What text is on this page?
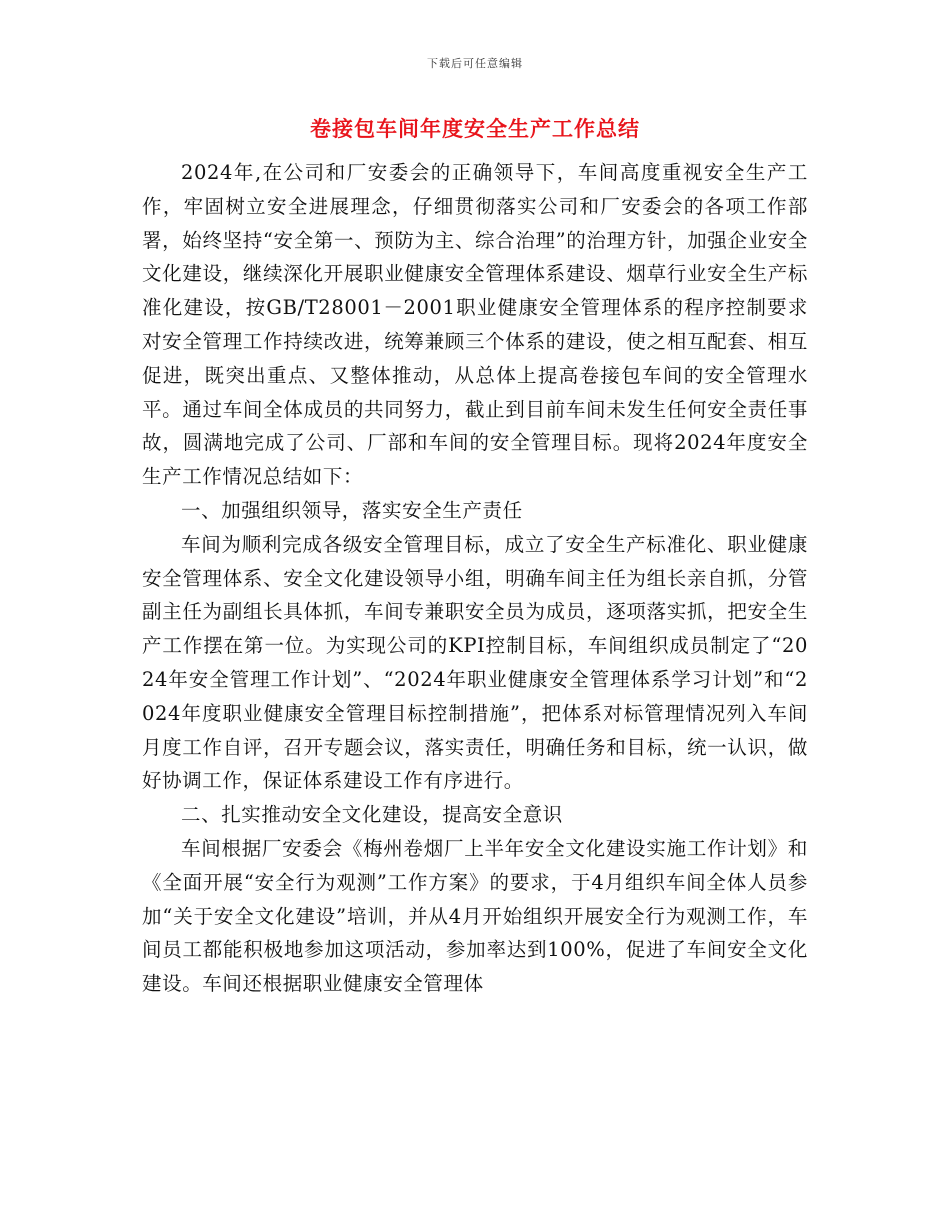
下载后可任意编辑
卷接包车间年度安全生产工作总结

2024年,在公司和厂安委会的正确领导下，车间高度重视安全生产工作，牢固树立安全进展理念，仔细贯彻落实公司和厂安委会的各项工作部署，始终坚持“安全第一、预防为主、综合治理”的治理方针，加强企业安全文化建设，继续深化开展职业健康安全管理体系建设、烟草行业安全生产标准化建设，按GB/T28001－2001职业健康安全管理体系的程序控制要求对安全管理工作持续改进，统筹兼顾三个体系的建设，使之相互配套、相互促进，既突出重点、又整体推动，从总体上提高卷接包车间的安全管理水平。通过车间全体成员的共同努力，截止到目前车间未发生任何安全责任事故，圆满地完成了公司、厂部和车间的安全管理目标。现将2024年度安全生产工作情况总结如下：

一、加强组织领导，落实安全生产责任

车间为顺利完成各级安全管理目标，成立了安全生产标准化、职业健康安全管理体系、安全文化建设领导小组，明确车间主任为组长亲自抓，分管副主任为副组长具体抓，车间专兼职安全员为成员，逐项落实抓，把安全生产工作摆在第一位。为实现公司的KPI控制目标，车间组织成员制定了“2024年安全管理工作计划”、“2024年职业健康安全管理体系学习计划”和“2024年度职业健康安全管理目标控制措施”，把体系对标管理情况列入车间月度工作自评，召开专题会议，落实责任，明确任务和目标，统一认识，做好协调工作，保证体系建设工作有序进行。

二、扎实推动安全文化建设，提高安全意识

车间根据厂安委会《梅州卷烟厂上半年安全文化建设实施工作计划》和《全面开展“安全行为观测”工作方案》的要求，于4月组织车间全体人员参加“关于安全文化建设”培训，并从4月开始组织开展安全行为观测工作，车间员工都能积极地参加这项活动，参加率达到100%，促进了车间安全文化建设。车间还根据职业健康安全管理体
